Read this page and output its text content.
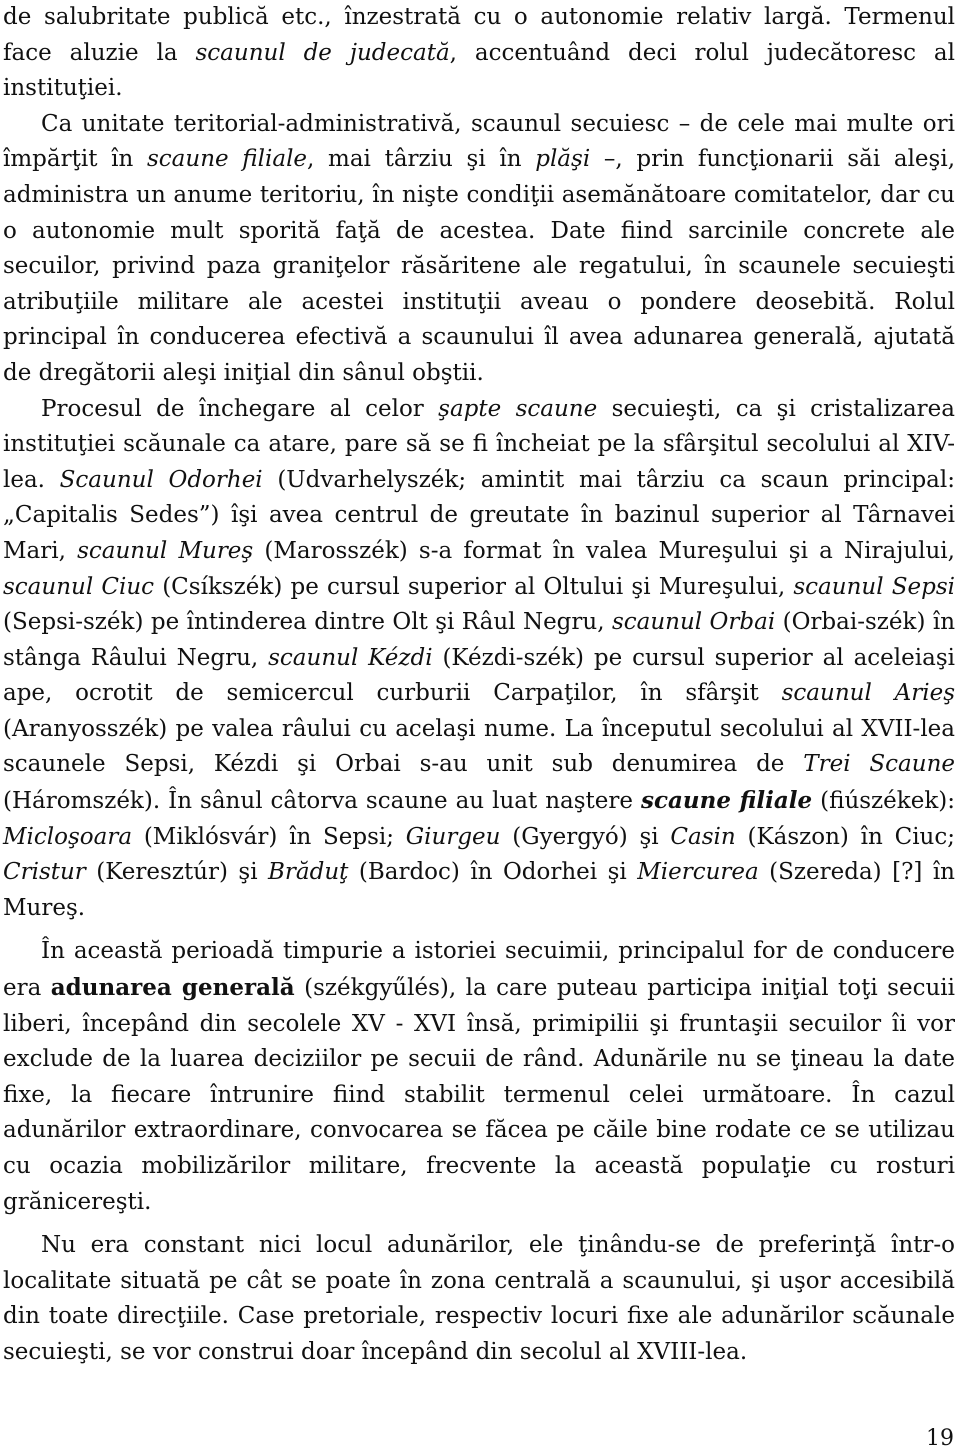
de salubritate publică etc., înzestrată cu o autonomie relativ largă. Termenul face aluzie la scaunul de judecată, accentuând deci rolul judecătoresc al instituţiei.

Ca unitate teritorial-administrativă, scaunul secuiesc – de cele mai multe ori împărţit în scaune filiale, mai târziu şi în plăşi –, prin funcţionarii săi aleşi, administra un anume teritoriu, în nişte condiţii asemănătoare comitatelor, dar cu o autonomie mult sporită faţă de acestea. Date fiind sarcinile concrete ale secuilor, privind paza graniţelor răsăritene ale regatului, în scaunele secuieşti atribuţiile militare ale acestei instituţii aveau o pondere deosebită. Rolul principal în conducerea efectivă a scaunului îl avea adunarea generală, ajutată de dregătorii aleşi iniţial din sânul obştii.

Procesul de închegare al celor şapte scaune secuieşti, ca şi cristalizarea instituţiei scăunale ca atare, pare să se fi încheiat pe la sfârşitul secolului al XIV-lea. Scaunul Odorhei (Udvarhelyszék; amintit mai târziu ca scaun principal: „Capitalis Sedes”) îşi avea centrul de greutate în bazinul superior al Târnavei Mari, scaunul Mureş (Marosszék) s-a format în valea Mureşului şi a Nirajului, scaunul Ciuc (Csíkszék) pe cursul superior al Oltului şi Mureşului, scaunul Sepsi (Sepsi-szék) pe întinderea dintre Olt şi Râul Negru, scaunul Orbai (Orbai-szék) în stânga Râului Negru, scaunul Kézdi (Kézdi-szék) pe cursul superior al aceleiaşi ape, ocrotit de semicercul curburii Carpaţilor, în sfârşit scaunul Arieş (Aranyosszék) pe valea râului cu acelaşi nume. La începutul secolului al XVII-lea scaunele Sepsi, Kézdi şi Orbai s-au unit sub denumirea de Trei Scaune (Háromszék). În sânul câtorva scaune au luat naştere scaune filiale (fiúszékek): Micloşoara (Miklósvár) în Sepsi; Giurgeu (Gyergyó) şi Casin (Kászon) în Ciuc; Cristur (Keresztúr) şi Brăduţ (Bardoc) în Odorhei şi Miercurea (Szereda) [?] în Mureş.

În această perioadă timpurie a istoriei secuimii, principalul for de conducere era adunarea generală (székgyűlés), la care puteau participa iniţial toţi secuii liberi, începând din secolele XV - XVI însă, primipilii şi fruntaşii secuilor îi vor exclude de la luarea deciziilor pe secuii de rând. Adunările nu se ţineau la date fixe, la fiecare întrunire fiind stabilit termenul celei următoare. În cazul adunărilor extraordinare, convocarea se făcea pe căile bine rodate ce se utilizau cu ocazia mobilizărilor militare, frecvente la această populaţie cu rosturi grănicereşti.

Nu era constant nici locul adunărilor, ele ţinându-se de preferinţă într-o localitate situată pe cât se poate în zona centrală a scaunului, şi uşor accesibilă din toate direcţiile. Case pretoriale, respectiv locuri fixe ale adunărilor scăunale secuieşti, se vor construi doar începând din secolul al XVIII-lea.

19
